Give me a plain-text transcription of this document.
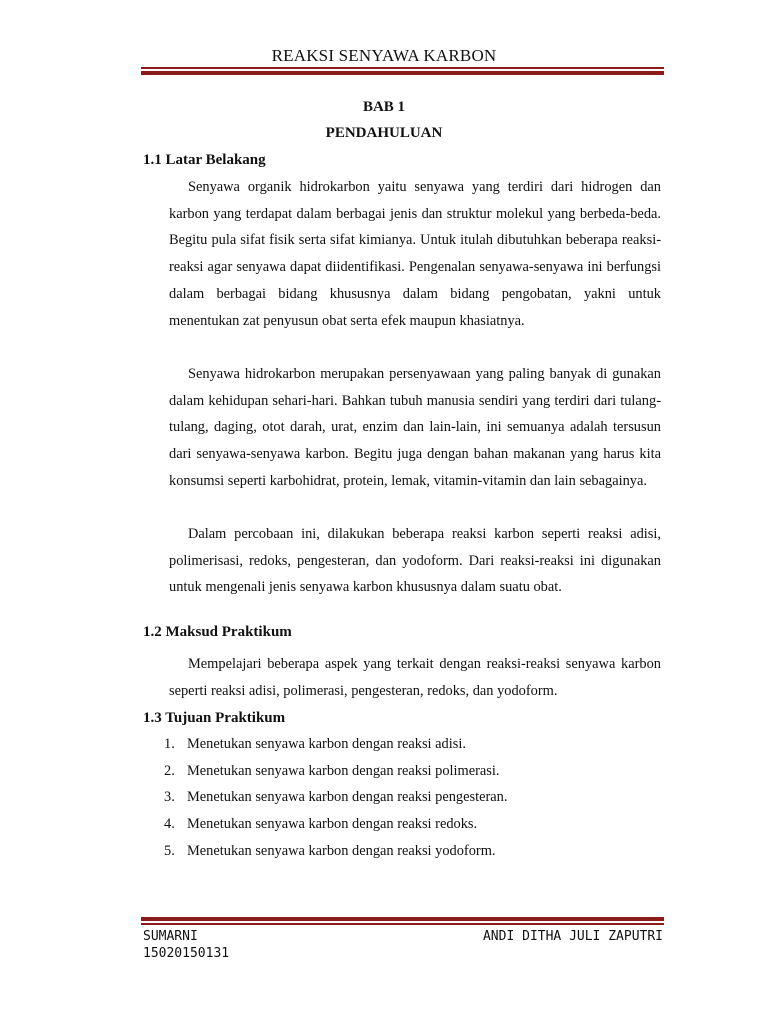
REAKSI SENYAWA KARBON
BAB 1
PENDAHULUAN
1.1 Latar Belakang

Senyawa organik hidrokarbon yaitu senyawa yang terdiri dari hidrogen dan karbon yang terdapat dalam berbagai jenis dan struktur molekul yang berbeda-beda. Begitu pula sifat fisik serta sifat kimianya. Untuk itulah dibutuhkan beberapa reaksi-reaksi agar senyawa dapat diidentifikasi. Pengenalan senyawa-senyawa ini berfungsi dalam berbagai bidang khususnya dalam bidang pengobatan, yakni untuk menentukan zat penyusun obat serta efek maupun khasiatnya.

Senyawa hidrokarbon merupakan persenyawaan yang paling banyak di gunakan dalam kehidupan sehari-hari. Bahkan tubuh manusia sendiri yang terdiri dari tulang-tulang, daging, otot darah, urat, enzim dan lain-lain, ini semuanya adalah tersusun dari senyawa-senyawa karbon. Begitu juga dengan bahan makanan yang harus kita konsumsi seperti karbohidrat, protein, lemak, vitamin-vitamin dan lain sebagainya.

Dalam percobaan ini, dilakukan beberapa reaksi karbon seperti reaksi adisi, polimerisasi, redoks, pengesteran, dan yodoform. Dari reaksi-reaksi ini digunakan untuk mengenali jenis senyawa karbon khususnya dalam suatu obat.

1.2 Maksud Praktikum

Mempelajari beberapa aspek yang terkait dengan reaksi-reaksi senyawa karbon seperti reaksi adisi, polimerasi, pengesteran, redoks, dan yodoform.

1.3 Tujuan Praktikum
1. Menetukan senyawa karbon dengan reaksi adisi.
2. Menetukan senyawa karbon dengan reaksi polimerasi.
3. Menetukan senyawa karbon dengan reaksi pengesteran.
4. Menetukan senyawa karbon dengan reaksi redoks.
5. Menetukan senyawa karbon dengan reaksi yodoform.
SUMARNI
15020150131
ANDI DITHA JULI ZAPUTRI
